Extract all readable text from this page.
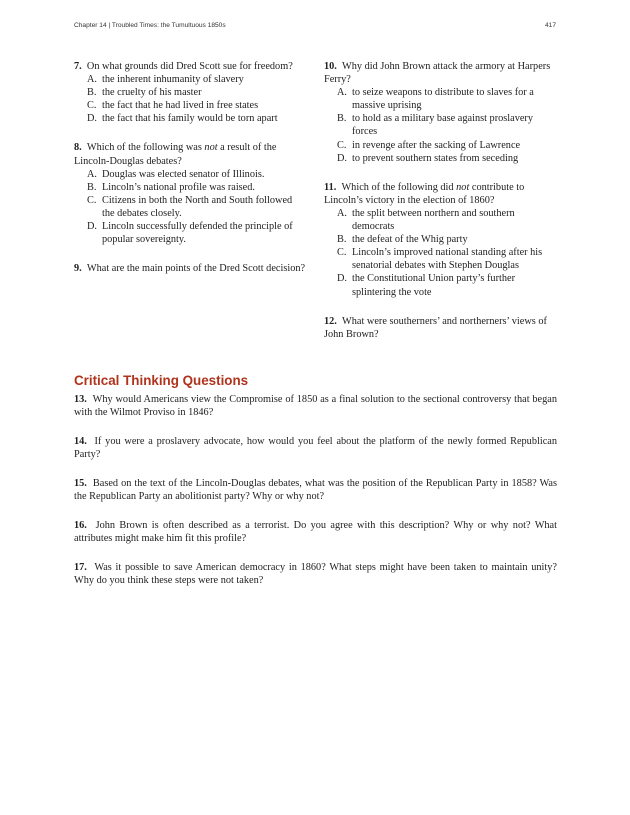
Chapter 14 | Troubled Times: the Tumultuous 1850s	417

7. On what grounds did Dred Scott sue for freedom?

A. the inherent inhumanity of slavery
B. the cruelty of his master
C. the fact that he had lived in free states
D. the fact that his family would be torn apart

8. Which of the following was not a result of the Lincoln-Douglas debates?

A. Douglas was elected senator of Illinois.
B. Lincoln’s national profile was raised.
C. Citizens in both the North and South followed the debates closely.
D. Lincoln successfully defended the principle of popular sovereignty.

9. What are the main points of the Dred Scott decision?

10. Why did John Brown attack the armory at Harpers Ferry?

A. to seize weapons to distribute to slaves for a massive uprising
B. to hold as a military base against proslavery forces
C. in revenge after the sacking of Lawrence
D. to prevent southern states from seceding

11. Which of the following did not contribute to Lincoln’s victory in the election of 1860?

A. the split between northern and southern democrats
B. the defeat of the Whig party
C. Lincoln’s improved national standing after his senatorial debates with Stephen Douglas
D. the Constitutional Union party’s further splintering the vote

12. What were southerners’ and northerners’ views of John Brown?

Critical Thinking Questions

13. Why would Americans view the Compromise of 1850 as a final solution to the sectional controversy that began with the Wilmot Proviso in 1846?

14. If you were a proslavery advocate, how would you feel about the platform of the newly formed Republican Party?

15. Based on the text of the Lincoln-Douglas debates, what was the position of the Republican Party in 1858? Was the Republican Party an abolitionist party? Why or why not?

16. John Brown is often described as a terrorist. Do you agree with this description? Why or why not? What attributes might make him fit this profile?

17. Was it possible to save American democracy in 1860? What steps might have been taken to maintain unity? Why do you think these steps were not taken?
